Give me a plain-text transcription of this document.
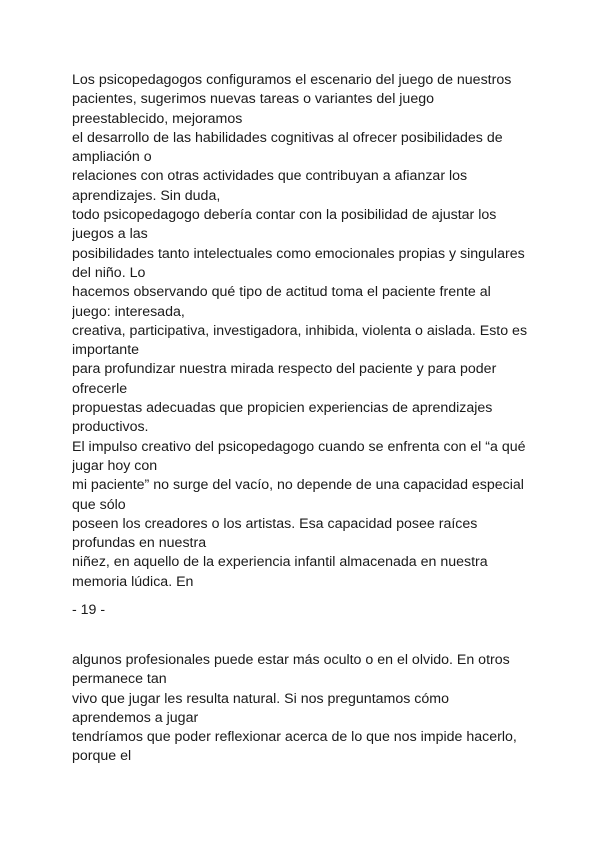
Los psicopedagogos configuramos el escenario del juego de nuestros
pacientes, sugerimos nuevas tareas o variantes del juego
preestablecido, mejoramos
el desarrollo de las habilidades cognitivas al ofrecer posibilidades de
ampliación o
relaciones con otras actividades que contribuyan a afianzar los
aprendizajes. Sin duda,
todo psicopedagogo debería contar con la posibilidad de ajustar los
juegos a las
posibilidades tanto intelectuales como emocionales propias y singulares
del niño. Lo
hacemos observando qué tipo de actitud toma el paciente frente al
juego: interesada,
creativa, participativa, investigadora, inhibida, violenta o aislada. Esto es
importante
para profundizar nuestra mirada respecto del paciente y para poder
ofrecerle
propuestas adecuadas que propicien experiencias de aprendizajes
productivos.
El impulso creativo del psicopedagogo cuando se enfrenta con el “a qué
jugar hoy con
mi paciente” no surge del vacío, no depende de una capacidad especial
que sólo
poseen los creadores o los artistas. Esa capacidad posee raíces
profundas en nuestra
niñez, en aquello de la experiencia infantil almacenada en nuestra
memoria lúdica. En
- 19 -
algunos profesionales puede estar más oculto o en el olvido. En otros
permanece tan
vivo que jugar les resulta natural. Si nos preguntamos cómo
aprendemos a jugar
tendríamos que poder reflexionar acerca de lo que nos impide hacerlo,
porque el
